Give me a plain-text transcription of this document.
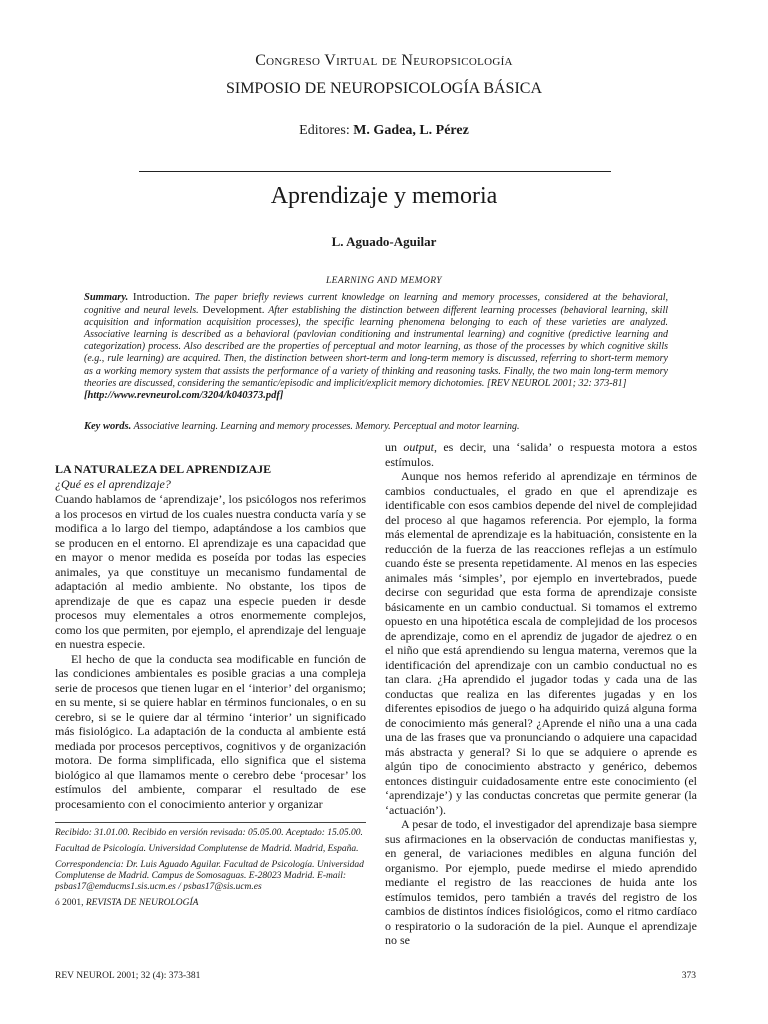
Congreso Virtual de Neuropsicología
SIMPOSIO DE NEUROPSICOLOGÍA BÁSICA
Editores: M. Gadea, L. Pérez
Aprendizaje y memoria
L. Aguado-Aguilar
LEARNING AND MEMORY
Summary. Introduction. The paper briefly reviews current knowledge on learning and memory processes, considered at the behavioral, cognitive and neural levels. Development. After establishing the distinction between different learning processes (behavioral learning, skill acquisition and information acquisition processes), the specific learning phenomena belonging to each of these varieties are analyzed. Associative learning is described as a behavioral (pavlovian conditioning and instrumental learning) and cognitive (predictive learning and categorization) process. Also described are the properties of perceptual and motor learning, as those of the processes by which cognitive skills (e.g., rule learning) are acquired. Then, the distinction between short-term and long-term memory is discussed, referring to short-term memory as a working memory system that assists the performance of a variety of thinking and reasoning tasks. Finally, the two main long-term memory theories are discussed, considering the semantic/episodic and implicit/explicit memory dichotomies. [REV NEUROL 2001; 32: 373-81]
[http://www.revneurol.com/3204/k040373.pdf]
Key words. Associative learning. Learning and memory processes. Memory. Perceptual and motor learning.
LA NATURALEZA DEL APRENDIZAJE
¿Qué es el aprendizaje?

Cuando hablamos de ‘aprendizaje’, los psicólogos nos referimos a los procesos en virtud de los cuales nuestra conducta varía y se modifica a lo largo del tiempo, adaptándose a los cambios que se producen en el entorno. El aprendizaje es una capacidad que en mayor o menor medida es poseída por todas las especies animales, ya que constituye un mecanismo fundamental de adaptación al medio ambiente. No obstante, los tipos de aprendizaje de que es capaz una especie pueden ir desde procesos muy elementales a otros enormemente complejos, como los que permiten, por ejemplo, el aprendizaje del lenguaje en nuestra especie.

El hecho de que la conducta sea modificable en función de las condiciones ambientales es posible gracias a una compleja serie de procesos que tienen lugar en el ‘interior’ del organismo; en su mente, si se quiere hablar en términos funcionales, o en su cerebro, si se le quiere dar al término ‘interior’ un significado más fisiológico. La adaptación de la conducta al ambiente está mediada por procesos perceptivos, cognitivos y de organización motora. De forma simplificada, ello significa que el sistema biológico al que llamamos mente o cerebro debe ‘procesar’ los estímulos del ambiente, comparar el resultado de ese procesamiento con el conocimiento anterior y organizar

un output, es decir, una ‘salida’ o respuesta motora a estos estímulos.

Aunque nos hemos referido al aprendizaje en términos de cambios conductuales, el grado en que el aprendizaje es identificable con esos cambios depende del nivel de complejidad del proceso al que hagamos referencia. Por ejemplo, la forma más elemental de aprendizaje es la habituación, consistente en la reducción de la fuerza de las reacciones reflejas a un estímulo cuando éste se presenta repetidamente. Al menos en las especies animales más ‘simples’, por ejemplo en invertebrados, puede decirse con seguridad que esta forma de aprendizaje consiste básicamente en un cambio conductual. Si tomamos el extremo opuesto en una hipotética escala de complejidad de los procesos de aprendizaje, como en el aprendiz de jugador de ajedrez o en el niño que está aprendiendo su lengua materna, veremos que la identificación del aprendizaje con un cambio conductual no es tan clara. ¿Ha aprendido el jugador todas y cada una de las conductas que realiza en las diferentes jugadas y en los diferentes episodios de juego o ha adquirido quizá alguna forma de conocimiento más general? ¿Aprende el niño una a una cada una de las frases que va pronunciando o adquiere una capacidad más abstracta y general? Si lo que se adquiere o aprende es algún tipo de conocimiento abstracto y genérico, debemos entonces distinguir cuidadosamente entre este conocimiento (el ‘aprendizaje’) y las conductas concretas que permite generar (la ‘actuación’).

A pesar de todo, el investigador del aprendizaje basa siempre sus afirmaciones en la observación de conductas manifiestas y, en general, de variaciones medibles en alguna función del organismo. Por ejemplo, puede medirse el miedo aprendido mediante el registro de las reacciones de huida ante los estímulos temidos, pero también a través del registro de los cambios de distintos índices fisiológicos, como el ritmo cardíaco o respiratorio o la sudoración de la piel. Aunque el aprendizaje no se

Recibido: 31.01.00. Recibido en versión revisada: 05.05.00. Aceptado: 15.05.00.

Facultad de Psicología. Universidad Complutense de Madrid. Madrid, España.

Correspondencia: Dr. Luis Aguado Aguilar. Facultad de Psicología. Universidad Complutense de Madrid. Campus de Somosaguas. E-28023 Madrid. E-mail: psbas17@emducms1.sis.ucm.es / psbas17@sis.ucm.es

ó 2001, REVISTA DE NEUROLOGÍA

REV NEUROL 2001; 32 (4): 373-381	373
